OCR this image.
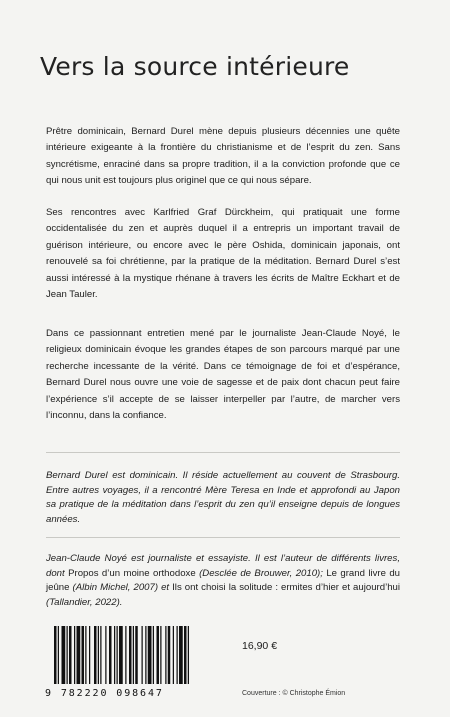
Vers la source intérieure

Prêtre dominicain, Bernard Durel mène depuis plusieurs décennies une quête intérieure exigeante à la frontière du christianisme et de l’esprit du zen. Sans syncrétisme, enraciné dans sa propre tradition, il a la conviction profonde que ce qui nous unit est toujours plus originel que ce qui nous sépare.

Ses rencontres avec Karlfried Graf Dürckheim, qui pratiquait une forme occidentalisée du zen et auprès duquel il a entrepris un important travail de guérison intérieure, ou encore avec le père Oshida, dominicain japonais, ont renouvelé sa foi chrétienne, par la pratique de la méditation. Bernard Durel s’est aussi intéressé à la mystique rhénane à travers les écrits de Maître Eckhart et de Jean Tauler.

Dans ce passionnant entretien mené par le journaliste Jean-Claude Noyé, le religieux dominicain évoque les grandes étapes de son parcours marqué par une recherche incessante de la vérité. Dans ce témoignage de foi et d’espérance, Bernard Durel nous ouvre une voie de sagesse et de paix dont chacun peut faire l’expérience s’il accepte de se laisser interpeller par l’autre, de marcher vers l’inconnu, dans la confiance.

Bernard Durel est dominicain. Il réside actuellement au couvent de Strasbourg. Entre autres voyages, il a rencontré Mère Teresa en Inde et approfondi au Japon sa pratique de la méditation dans l’esprit du zen qu’il enseigne depuis de longues années.

Jean-Claude Noyé est journaliste et essayiste. Il est l’auteur de différents livres, dont Propos d’un moine orthodoxe (Desclée de Brouwer, 2010); Le grand livre du jeûne (Albin Michel, 2007) et Ils ont choisi la solitude : ermites d’hier et aujourd’hui (Tallandier, 2022).

16,90 €
9 782220 098647	Couverture : © Christophe Émion
